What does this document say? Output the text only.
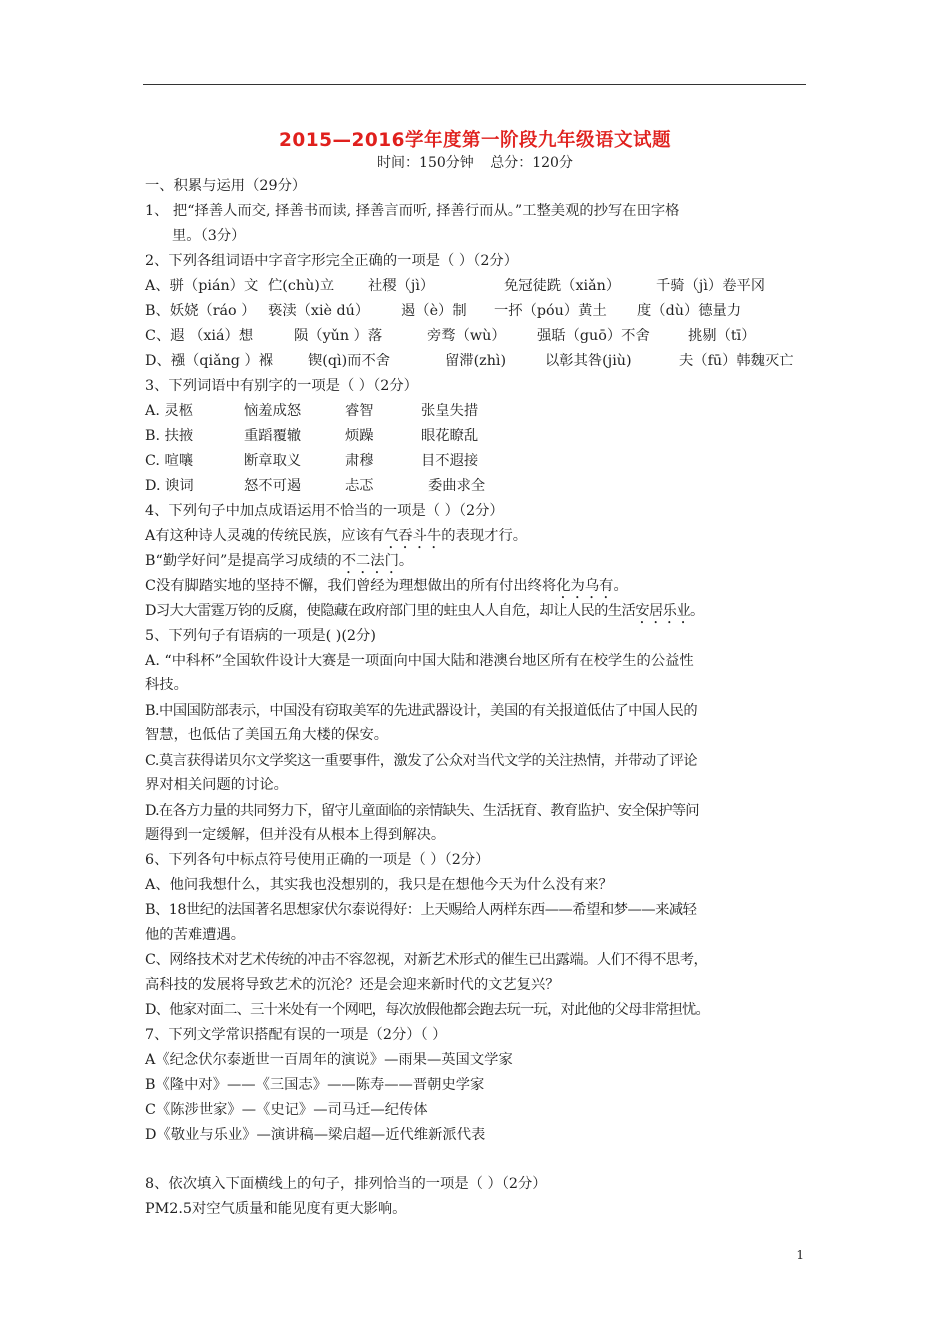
2015—2016学年度第一阶段九年级语文试题
时间：150分钟 总分：120分
一、积累与运用（29分）
1、 把“择善人而交, 择善书而读, 择善言而听, 择善行而从。”工整美观的抄写在田字格
里。（3分）
2、下列各组词语中字音字形完全正确的一项是（ ）（2分）
A、骈（pián）文 伫(chù)立 社稷（jì）	免冠徒跣（xiǎn）	千骑（jì）卷平冈
B、妖娆（ráo ） 亵渎（xiè dú） 遏（è）制 一抔（póu）黄土 度（dù）德量力
C、遐 （xiá）想	陨（yǔn ）落	旁骛（wù） 强聒（guō）不舍	挑剔（tī）
D、襁（qiǎng ）褓 锲(qì)而不舍	留滞(zhì)	以彰其咎(jiù)	夫（fū）韩魏灭亡
3、下列词语中有别字的一项是（ ）（2分）
A. 灵柩	恼羞成怒	睿智	张皇失措
B. 扶掖	重蹈覆辙	烦躁	眼花瞭乱
C. 喧嚷	断章取义	肃穆	目不遐接
D. 谀词	怒不可遏	忐忑	委曲求全
4、下列句子中加点成语运用不恰当的一项是（ ）（2分）
A有这种诗人灵魂的传统民族，应该有气吞斗牛的表现才行。
B“勤学好问”是提高学习成绩的不二法门。
C没有脚踏实地的坚持不懈，我们曾经为理想做出的所有付出终将化为乌有。
D习大大雷霆万钧的反腐，使隐藏在政府部门里的蛀虫人人自危，却让人民的生活安居乐业。
5、下列句子有语病的一项是( )(2分)
A. “中科杯”全国软件设计大赛是一项面向中国大陆和港澳台地区所有在校学生的公益性
科技。
B.中国国防部表示，中国没有窃取美军的先进武器设计，美国的有关报道低估了中国人民的
智慧，也低估了美国五角大楼的保安。
C.莫言获得诺贝尔文学奖这一重要事件，激发了公众对当代文学的关注热情，并带动了评论
界对相关问题的讨论。
D.在各方力量的共同努力下，留守儿童面临的亲情缺失、生活抚育、教育监护、安全保护等问
题得到一定缓解，但并没有从根本上得到解决。
6、下列各句中标点符号使用正确的一项是（ ）（2分）
A、他问我想什么，其实我也没想别的，我只是在想他今天为什么没有来？
B、18世纪的法国著名思想家伏尔泰说得好：上天赐给人两样东西——希望和梦——来减轻
他的苦难遭遇。
C、网络技术对艺术传统的冲击不容忽视，对新艺术形式的催生已出露端。人们不得不思考，
高科技的发展将导致艺术的沉沦？还是会迎来新时代的文艺复兴？
D、他家对面二、三十米处有一个网吧，每次放假他都会跑去玩一玩，对此他的父母非常担忧。
7、下列文学常识搭配有误的一项是（2分）（ ）
A《纪念伏尔泰逝世一百周年的演说》—雨果—英国文学家
B《隆中对》——《三国志》——陈寿——晋朝史学家
C《陈涉世家》—《史记》—司马迁—纪传体
D《敬业与乐业》—演讲稿—梁启超—近代维新派代表
8、依次填入下面横线上的句子，排列恰当的一项是（ ）（2分）
PM2.5对空气质量和能见度有更大影响。
1
